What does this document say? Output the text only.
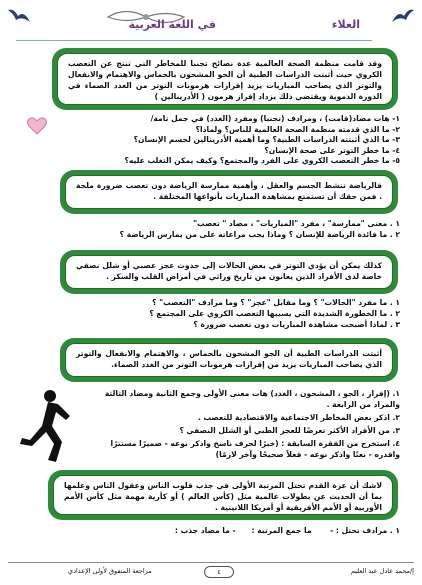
العلاء
في اللغة العربية
وقد قامت منظمة الصحة العالمية عدة نصائح تجنبا للمخاطر التي تنتج عن التعصب الكروي حيث أثبتت الدراسات الطبية أن الجو المشحون بالحماس والاهتمام والانفعال والتوتر الذي يصاحب المباريات يزيد إفرازات هرمونات التوتر من الغدد الصماء في الدورة الدموية ويقتضي ذلك يزداد إفراز هرمون ( الأدرينالين )
١- هات مضاد(قامت) ، ومرادف (تجنبا) ومفرد (الغدد) في جمل تامة/
٢- ما الذي قدمته منظمة الصحة العالمية للناس؟ ولماذا؟
٣- ما الذي أثبتته الدراسات الطبية؟ وما أهمية الأدرينالين لجسم الإنسان؟
٤- ما خطر التوتر على صحة الإنسان؟
٥- ما خطر التعصب الكروي على الفرد والمجتمع؟ وكيف يمكن التغلب عليه؟
فالرياضة تنشط الجسم والعقل ، وأهمية ممارسة الرياضة دون تعصب ضرورة ملحة . فمن حقك أن تستمتع بمشاهدة المباريات بأنواعها المختلفة .
١ . معنى "ممارسة" ، مفرد "المباريات" ، مضاد " تعصب"
٢ . ما فائدة الرياضة للإنسان ؟ وماذا يجب مراعاته على من يمارس الرياضة ؟
كذلك يمكن أن يؤدي التوتر في بعض الحالات إلى حدوث عجز عصبي أو شلل نصفي خاصة لدى الأفراد الذين يعانون من تاريخ وراثي في أمراض القلب والسكر .
١ . ما مفرد "الحالات" ؟ وما مقابل "عجز" ؟ وما مرادف "التعصب" ؟
٢ . ما الخطورة الشديدة التي يسببها التعصب الكروي على المجتمع ؟
٣ . لماذا أصبحت مشاهدة المباريات دون تعصب ضرورة ؟
أثبتت الدراسات الطبية أن الجو المشحون بالحماس ، والاهتمام والانفعال والتوتر الذي يصاحب المباريات يزيد من إفرازات هرمونات التوتر من الغدد الصماء.
١. (إفراز ، الجو ، المشحون ، الغدد) هات معنى الأولى وجمع الثانية ومضاد الثالثة والمراد من الرابعة .
٢. اذكر بعض المخاطر الاجتماعية والاقتصادية للتعصب .
٣. من الأفراد الأكثر تعرضًا للعجز الطبي أو الشلل النصفي ؟
٤. استخرج من الفقرة السابقة : (خبرًا لحرف ناسخ واذكر نوعه - ضميرًا مستترًا واقدره - نعتًا واذكر نوعه - فعلاً صحيحًا وآخر لازمًا)
لاشك أن عزة القدم تحتل المرتبة الأولى في جذب قلوب الناس وعقول الناس وعلمها بما أن الحديث عن بطولات عالمية مثل (كأس العالم ) أو كأرية مهمة مثل كأس الأمم الأوربية أو الأمم الأفريقية أو أمريكا اللاتينية .
١ . مرادف تحتل : -       ما جمع المرتبة :      - ما مضاد جذب :
إ/محمد عادل عبد العليم
٤
مراجعة المتفوق لأولى الإعدادي
